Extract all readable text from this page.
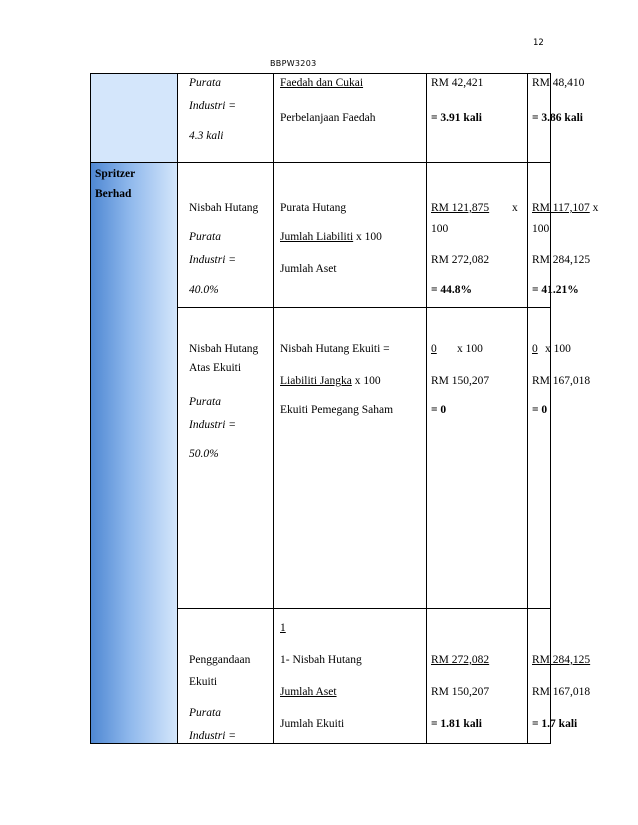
12
BBPW3203
Spritzer
Berhad
Purata
Industri =
4.3 kali
Faedah dan Cukai
Perbelanjaan Faedah
RM 42,421
= 3.91 kali
RM 48,410
= 3.86 kali
Nisbah Hutang
Purata
Industri =
40.0%
Purata Hutang
Jumlah Liabiliti x 100
Jumlah Aset
RM 121,875 x
100
RM 272,082
= 44.8%
RM 117,107 x
100
RM 284,125
= 41.21%
Nisbah Hutang
Atas Ekuiti
Purata
Industri =
50.0%
Nisbah Hutang Ekuiti =
Liabiliti Jangka x 100
Ekuiti Pemegang Saham
0 x 100
RM 150,207
= 0
0 x 100
RM 167,018
= 0
Penggandaan
Ekuiti
Purata
Industri =
1
1- Nisbah Hutang
Jumlah Aset
Jumlah Ekuiti
RM 272,082
RM 150,207
= 1.81 kali
RM 284,125
RM 167,018
= 1.7 kali
